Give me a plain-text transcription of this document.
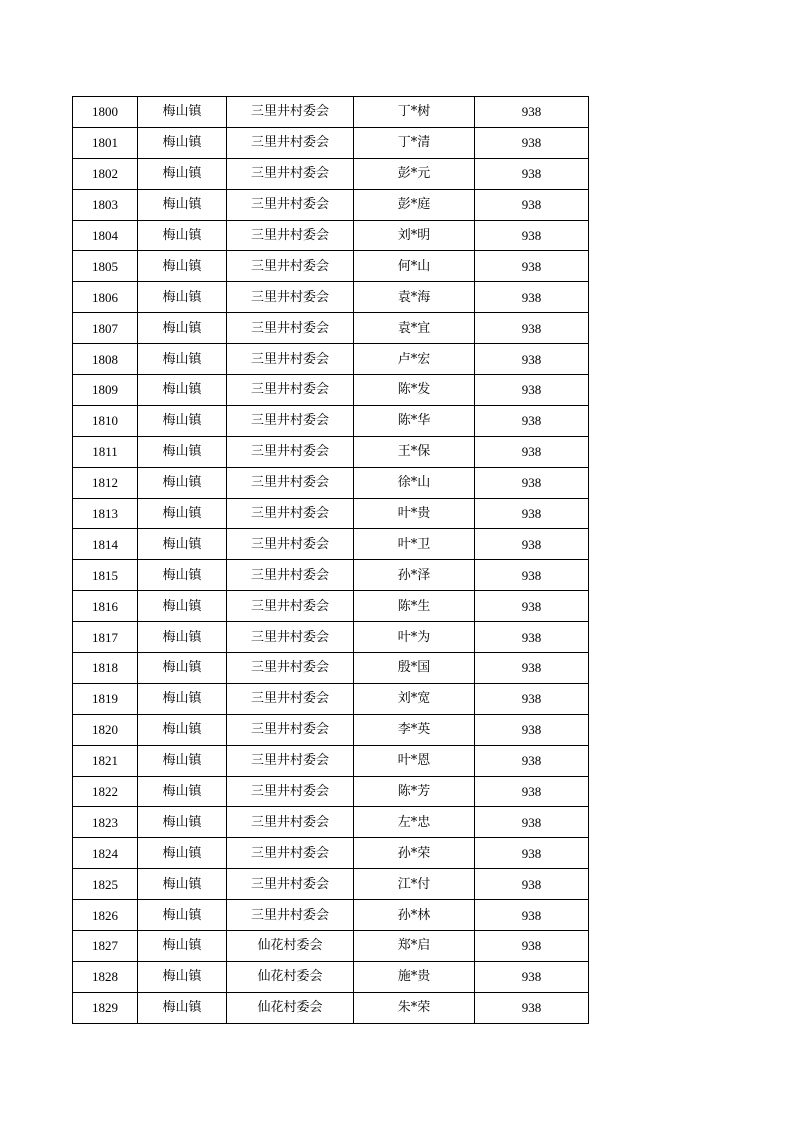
1800	梅山镇	三里井村委会	丁*树	938
1801	梅山镇	三里井村委会	丁*清	938
1802	梅山镇	三里井村委会	彭*元	938
1803	梅山镇	三里井村委会	彭*庭	938
1804	梅山镇	三里井村委会	刘*明	938
1805	梅山镇	三里井村委会	何*山	938
1806	梅山镇	三里井村委会	袁*海	938
1807	梅山镇	三里井村委会	袁*宜	938
1808	梅山镇	三里井村委会	卢*宏	938
1809	梅山镇	三里井村委会	陈*发	938
1810	梅山镇	三里井村委会	陈*华	938
1811	梅山镇	三里井村委会	王*保	938
1812	梅山镇	三里井村委会	徐*山	938
1813	梅山镇	三里井村委会	叶*贵	938
1814	梅山镇	三里井村委会	叶*卫	938
1815	梅山镇	三里井村委会	孙*泽	938
1816	梅山镇	三里井村委会	陈*生	938
1817	梅山镇	三里井村委会	叶*为	938
1818	梅山镇	三里井村委会	殷*国	938
1819	梅山镇	三里井村委会	刘*宽	938
1820	梅山镇	三里井村委会	李*英	938
1821	梅山镇	三里井村委会	叶*恩	938
1822	梅山镇	三里井村委会	陈*芳	938
1823	梅山镇	三里井村委会	左*忠	938
1824	梅山镇	三里井村委会	孙*荣	938
1825	梅山镇	三里井村委会	江*付	938
1826	梅山镇	三里井村委会	孙*林	938
1827	梅山镇	仙花村委会	郑*启	938
1828	梅山镇	仙花村委会	施*贵	938
1829	梅山镇	仙花村委会	朱*荣	938
